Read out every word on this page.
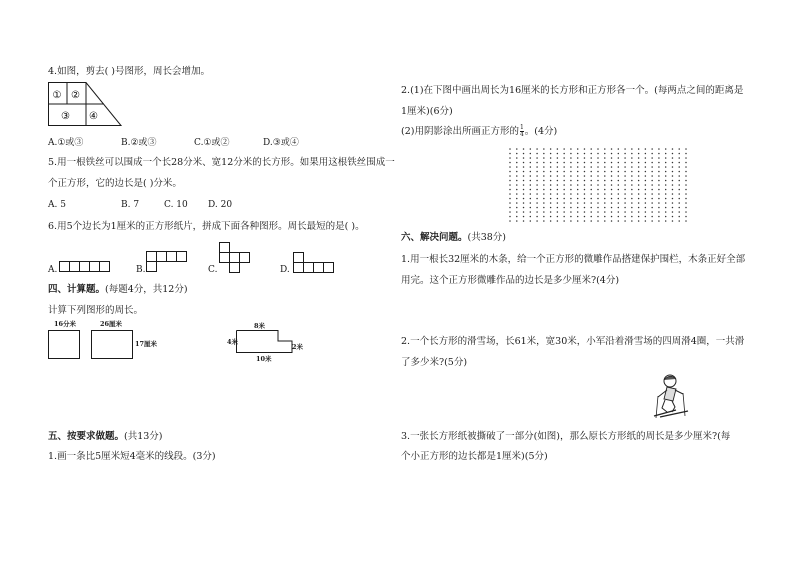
4.如图，剪去( )号图形，周长会增加。
① ②
③ ④
A.①或③	B.②或③	C.①或②	D.③或④
5.用一根铁丝可以围成一个长28分米、宽12分米的长方形。如果用这根铁丝围成一
个正方形，它的边长是( )分米。
A. 5	B. 7	C. 10 D. 20
6.用5个边长为1厘米的正方形纸片，拼成下面各种图形。周长最短的是( )。
A.	B.	C.	D.
四、计算题。(每题4分，共12分)
计算下列图形的周长。
16分米	26厘米
17厘米
8米
4米
2米
10米
五、按要求做题。(共13分)
1.画一条比5厘米短4毫米的线段。(3分)
2.(1)在下图中画出周长为16厘米的长方形和正方形各一个。(每两点之间的距离是
1厘米)(6分)
(2)用阴影涂出所画正方形的 $\frac{1}{4}$ 。(4分)
六、解决问题。(共38分)
1.用一根长32厘米的木条，给一个正方形的微雕作品搭建保护围栏，木条正好全部
用完。这个正方形微雕作品的边长是多少厘米?(4分)
2.一个长方形的滑雪场，长61米，宽30米，小军沿着滑雪场的四周滑4圈，一共滑
了多少米?(5分)
3.一张长方形纸被撕破了一部分(如图)，那么原长方形纸的周长是多少厘米?(每
个小正方形的边长都是1厘米)(5分)
